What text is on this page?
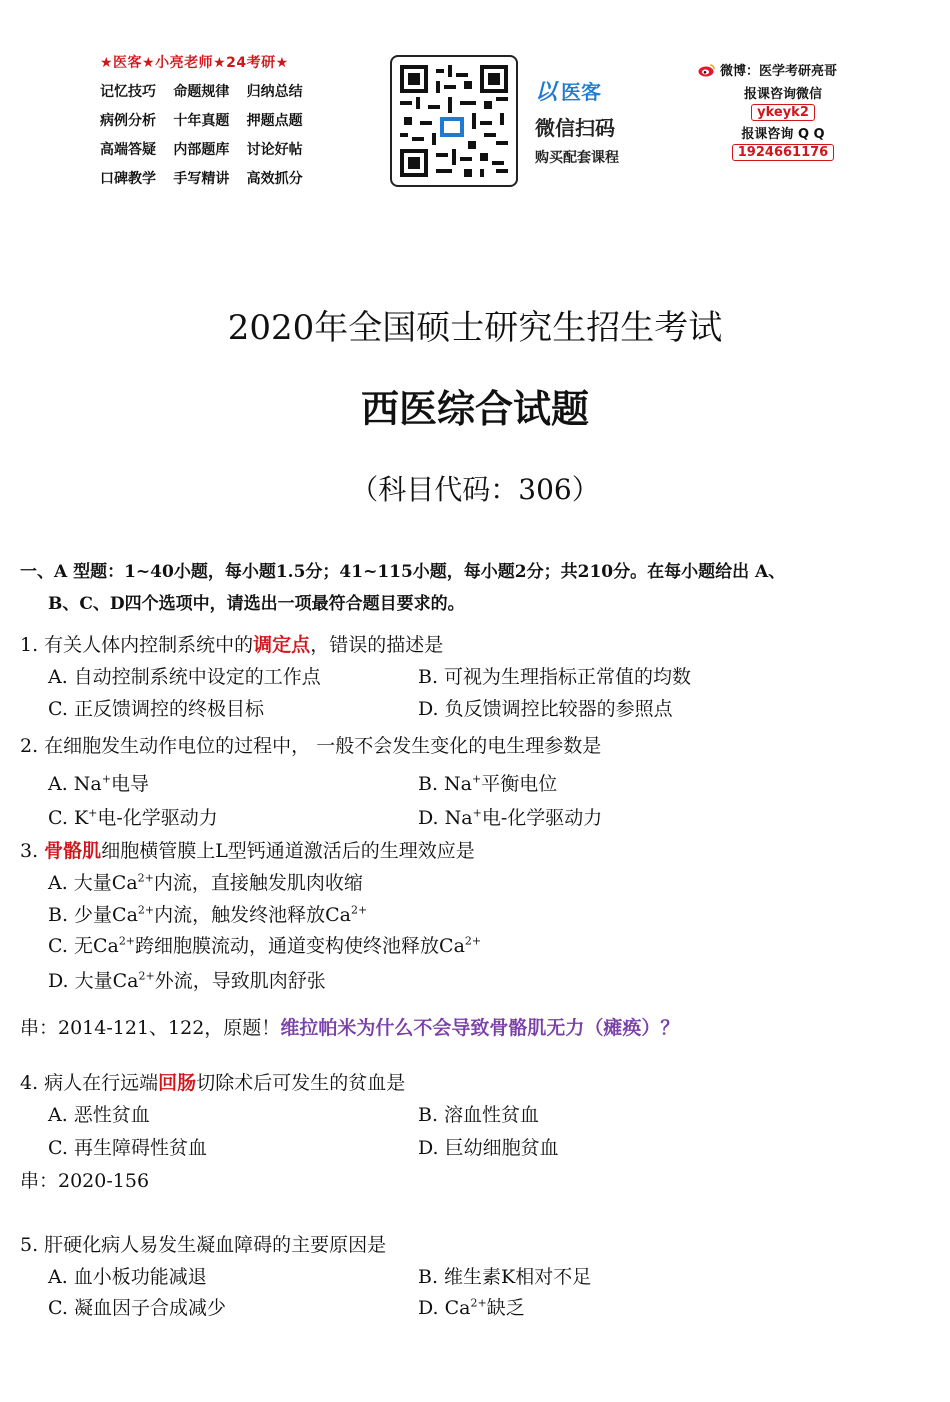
★医客★小亮老师★24考研★
记忆技巧	命题规律	归纳总结
病例分析	十年真题	押题点题
高端答疑	内部题库	讨论好帖
口碑教学	手写精讲	高效抓分
以 医客
微信扫码
购买配套课程
微博：医学考研亮哥
报课咨询微信
ykeyk2
报课咨询 Q Q
1924661176
2020年全国硕士研究生招生考试
西医综合试题
（科目代码：306）
一、A 型题：1~40小题，每小题1.5分；41~115小题，每小题2分；共210分。在每小题给出 A、
B、C、D四个选项中，请选出一项最符合题目要求的。
1. 有关人体内控制系统中的调定点，错误的描述是
A. 自动控制系统中设定的工作点	B. 可视为生理指标正常值的均数
C. 正反馈调控的终极目标	D. 负反馈调控比较器的参照点
2. 在细胞发生动作电位的过程中， 一般不会发生变化的电生理参数是
A. Na+电导	B. Na+平衡电位
C. K+电-化学驱动力	D. Na+电-化学驱动力
3. 骨骼肌细胞横管膜上L型钙通道激活后的生理效应是
A. 大量$Ca^{2+}$内流，直接触发肌肉收缩
B. 少量$Ca^{2+}$内流，触发终池释放$Ca^{2+}$
C. 无$Ca^{2+}$跨细胞膜流动，通道变构使终池释放$Ca^{2+}$
D. 大量$Ca^{2+}$外流，导致肌肉舒张
串：2014-121、122，原题！维拉帕米为什么不会导致骨骼肌无力（瘫痪）？
4. 病人在行远端回肠切除术后可发生的贫血是
A. 恶性贫血	B. 溶血性贫血
C. 再生障碍性贫血	D. 巨幼细胞贫血
串：2020-156
5. 肝硬化病人易发生凝血障碍的主要原因是
A. 血小板功能减退	B. 维生素K相对不足
C. 凝血因子合成减少	D. $Ca^{2+}$缺乏
